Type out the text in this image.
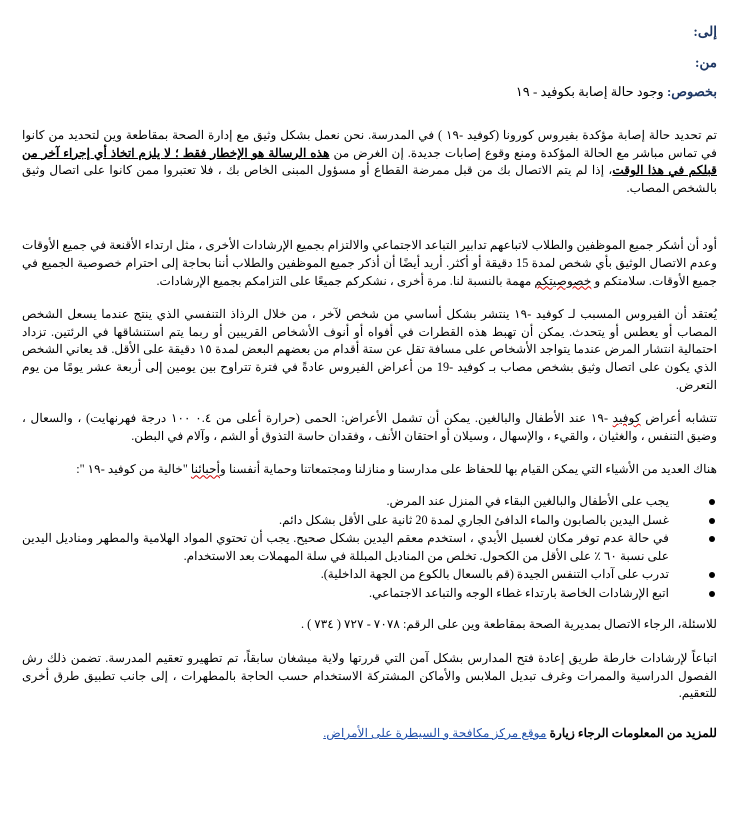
إلى:
من:
بخصوص: وجود حالة إصابة بكوفيد - ١٩

تم تحديد حالة إصابة مؤكدة بفيروس كورونا (كوفيد -١٩ ) في المدرسة. نحن نعمل بشكل وثيق مع إدارة الصحة بمقاطعة وين لتحديد من كانوا في تماس مباشر مع الحالة المؤكدة ومنع وقوع إصابات جديدة. إن الغرض من هذه الرسالة هو الإخطار فقط ؛ لا يلزم اتخاذ أي إجراء آخر من قبلكم في هذا الوقت، إذا لم يتم الاتصال بك من قبل ممرضة القطاع أو مسؤول المبنى الخاص بك ، فلا تعتبروا ممن كانوا على اتصال وثيق بالشخص المصاب.

أود أن أشكر جميع الموظفين والطلاب لاتباعهم تدابير التباعد الاجتماعي والالتزام بجميع الإرشادات الأخرى ، مثل ارتداء الأقنعة في جميع الأوقات وعدم الاتصال الوثيق بأي شخص لمدة 15 دقيقة أو أكثر. أريد أيضًا أن أذكر جميع الموظفين والطلاب أننا بحاجة إلى احترام خصوصية الجميع في جميع الأوقات. سلامتكم و خصوصيتكم مهمة بالنسبة لنا. مرة أخرى ، نشكركم جميعًا على التزامكم بجميع الإرشادات.

يُعتقد أن الفيروس المسبب لـ كوفيد -١٩ ينتشر بشكل أساسي من شخص لآخر ، من خلال الرذاذ التنفسي الذي ينتج عندما يسعل الشخص المصاب أو يعطس أو يتحدث. يمكن أن تهبط هذه القطرات في أفواه أو أنوف الأشخاص القريبين أو ربما يتم استنشاقها في الرئتين. تزداد احتمالية انتشار المرض عندما يتواجد الأشخاص على مسافة تقل عن ستة أقدام من بعضهم البعض لمدة ١٥ دقيقة على الأقل. قد يعاني الشخص الذي يكون على اتصال وثيق بشخص مصاب بـ كوفيد -19 من أعراض الفيروس عادةً في فترة تتراوح بين يومين إلى أربعة عشر يومًا من يوم التعرض.

تتشابه أعراض كوفيد -١٩ عند الأطفال والبالغين. يمكن أن تشمل الأعراض: الحمى (حرارة أعلى من ٠.٤ ١٠٠ درجة فهرنهايت) ، والسعال ، وضيق التنفس ، والغثيان ، والقيء ، والإسهال ، وسيلان أو احتقان الأنف ، وفقدان حاسة التذوق أو الشم ، وآلام في البطن.

هناك العديد من الأشياء التي يمكن القيام بها للحفاظ على مدارسنا و منازلنا ومجتمعاتنا وحماية أنفسنا وأحبائنا "خالية من كوفيد -١٩ ":

يجب على الأطفال والبالغين البقاء في المنزل عند المرض.
غسل اليدين بالصابون والماء الدافئ الجاري لمدة 20 ثانية على الأقل بشكل دائم.
في حالة عدم توفر مكان لغسيل الأيدي ، استخدم معقم اليدين بشكل صحيح. يجب أن تحتوي المواد الهلامية والمطهر ومناديل اليدين على نسبة ٦٠ ٪ على الأقل من الكحول. تخلص من المناديل المبللة في سلة المهملات بعد الاستخدام.
تدرب على آداب التنفس الجيدة (قم بالسعال بالكوع من الجهة الداخلية).
اتبع الإرشادات الخاصة بارتداء غطاء الوجه والتباعد الاجتماعي.

للاسئلة، الرجاء الاتصال بمديرية الصحة بمقاطعة وين على الرقم: ٧٠٧٨ - ٧٢٧ ( ٧٣٤ ) .

اتباعاً لإرشادات خارطة طريق إعادة فتح المدارس بشكل آمن التي قررتها ولاية ميشغان سابقاً، تم تطهيرو تعقيم المدرسة. تضمن ذلك رش الفصول الدراسية والممرات وغرف تبديل الملابس والأماكن المشتركة الاستخدام حسب الحاجة بالمطهرات ، إلى جانب تطبيق طرق أخرى للتعقيم.

للمزيد من المعلومات الرجاء زيارة موقع مركز مكافحة و السيطرة على الأمراض.
